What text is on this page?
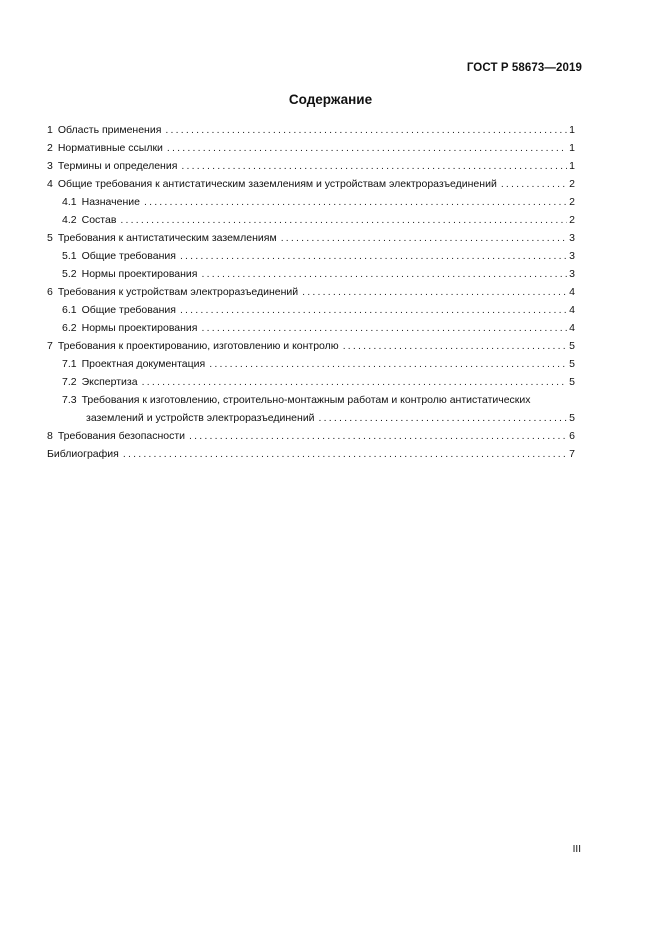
ГОСТ Р 58673—2019
Содержание
1 Область применения .....	1
2 Нормативные ссылки .....	1
3 Термины и определения .....	1
4 Общие требования к антистатическим заземлениям и устройствам электроразъединений .....	2
4.1 Назначение .....	2
4.2 Состав .....	2
5 Требования к антистатическим заземлениям .....	3
5.1 Общие требования .....	3
5.2 Нормы проектирования .....	3
6 Требования к устройствам электроразъединений .....	4
6.1 Общие требования .....	4
6.2 Нормы проектирования .....	4
7 Требования к проектированию, изготовлению и контролю .....	5
7.1 Проектная документация .....	5
7.2 Экспертиза .....	5
7.3 Требования к изготовлению, строительно-монтажным работам и контролю антистатических
заземлений и устройств электроразъединений .....	5
8 Требования безопасности .....	6
Библиография .....	7
III
